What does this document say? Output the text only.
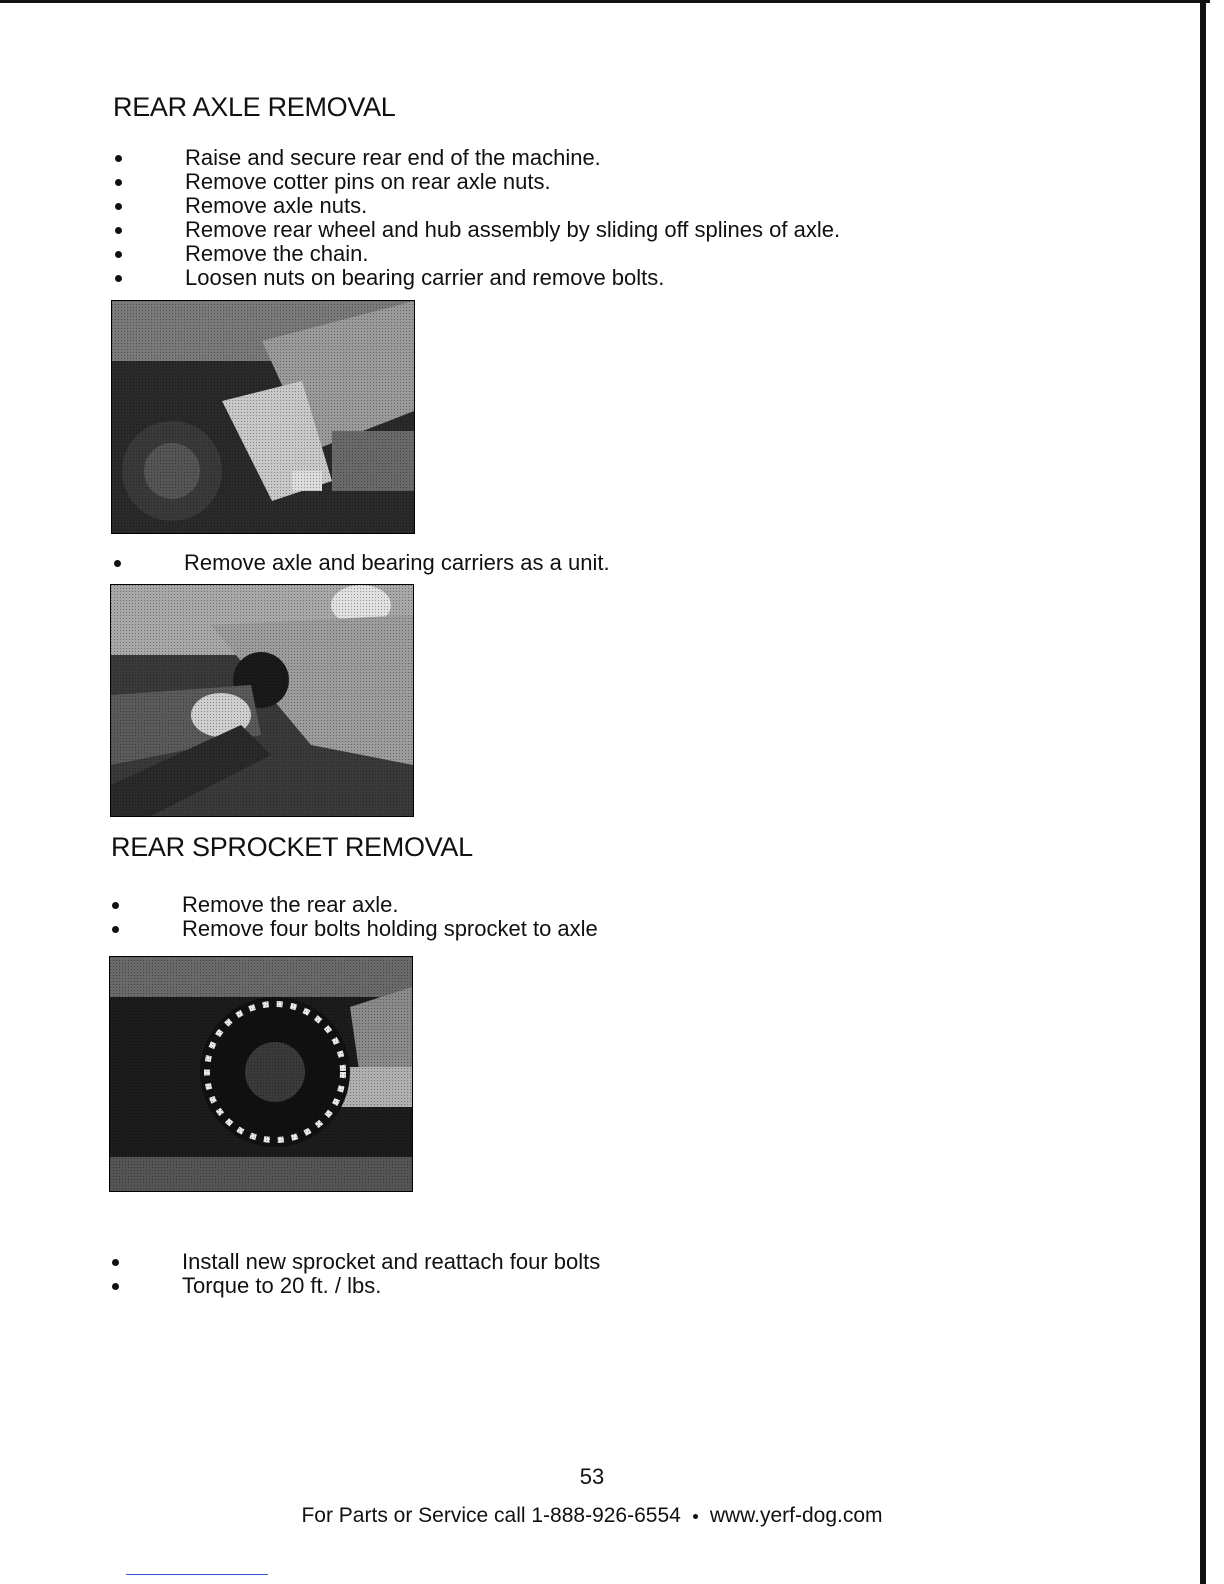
REAR AXLE REMOVAL
Raise and secure rear end of the machine.
Remove cotter pins on rear axle nuts.
Remove axle nuts.
Remove rear wheel and hub assembly by sliding off splines of axle.
Remove the chain.
Loosen nuts on bearing carrier and remove bolts.
Remove axle and bearing carriers as a unit.
REAR SPROCKET REMOVAL
Remove the rear axle.
Remove four bolts holding sprocket to axle
Install new sprocket and reattach four bolts
Torque to 20 ft. / lbs.
53
For Parts or Service call 1-888-926-6554 www.yerf-dog.com
